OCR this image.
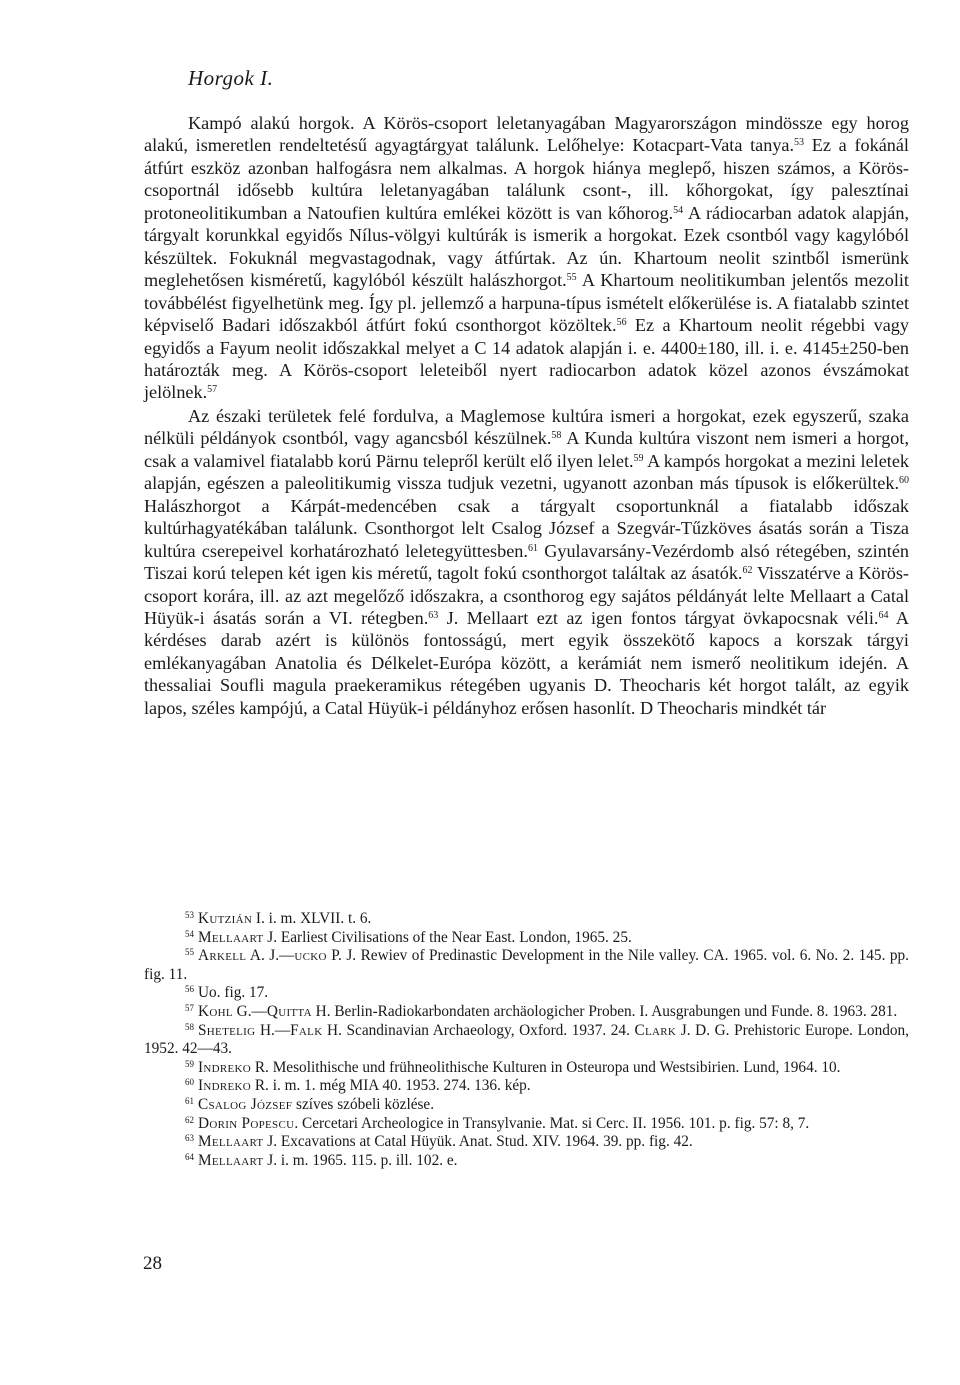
Horgok I.

Kampó alakú horgok. A Körös-csoport leletanyagában Magyarországon mindössze egy horog alakú, ismeretlen rendeltetésű agyagtárgyat találunk. Lelőhelye: Kotacpart-Vata tanya.$^{53}$ Ez a fokánál átfúrt eszköz azonban halfogásra nem alkalmas. A horgok hiánya meglepő, hiszen számos, a Körös-csoportnál idősebb kultúra leletanyagában találunk csont-, ill. kőhorgokat, így palesztínai protoneolitikumban a Natoufien kultúra emlékei között is van kőhorog.$^{54}$ A rádiocarban adatok alapján, tárgyalt korunkkal egyidős Nílus-völgyi kultúrák is ismerik a horgokat. Ezek csontból vagy kagylóból készültek. Fokuknál megvastagodnak, vagy átfúrtak. Az ún. Khartoum neolit szintből ismerünk meglehetősen kisméretű, kagylóból készült halászhorgot.$^{55}$ A Khartoum neolitikumban jelentős mezolit továbbélést figyelhetünk meg. Így pl. jellemző a harpuna-típus ismételt előkerülése is. A fiatalabb szintet képviselő Badari időszakból átfúrt fokú csonthorgot közöltek.$^{56}$ Ez a Khartoum neolit régebbi vagy egyidős a Fayum neolit időszakkal melyet a C 14 adatok alapján i. e. 4400±180, ill. i. e. 4145±250-ben határozták meg. A Körös-csoport leleteiből nyert radiocarbon adatok közel azonos évszámokat jelölnek.$^{57}$

Az északi területek felé fordulva, a Maglemose kultúra ismeri a horgokat, ezek egyszerű, szaka nélküli példányok csontból, vagy agancsból készülnek.$^{58}$ A Kunda kultúra viszont nem ismeri a horgot, csak a valamivel fiatalabb korú Pärnu telepről került elő ilyen lelet.$^{59}$ A kampós horgokat a mezini leletek alapján, egészen a paleolitikumig vissza tudjuk vezetni, ugyanott azonban más típusok is előkerültek.$^{60}$ Halászhorgot a Kárpát-medencében csak a tárgyalt csoportunknál a fiatalabb időszak kultúrhagyatékában találunk. Csonthorgot lelt Csalog József a Szegvár-Tűzköves ásatás során a Tisza kultúra cserepeivel korhatározható leletegyüttesben.$^{61}$ Gyulavarsány-Vezérdomb alsó rétegében, szintén Tiszai korú telepen két igen kis méretű, tagolt fokú csonthorgot találtak az ásatók.$^{62}$ Visszatérve a Körös-csoport korára, ill. az azt megelőző időszakra, a csonthorog egy sajátos példányát lelte Mellaart a Catal Hüyük-i ásatás során a VI. rétegben.$^{63}$ J. Mellaart ezt az igen fontos tárgyat övkapocsnak véli.$^{64}$ A kérdéses darab azért is különös fontosságú, mert egyik összekötő kapocs a korszak tárgyi emlékanyagában Anatolia és Délkelet-Európa között, a kerámiát nem ismerő neolitikum idején. A thessaliai Soufli magula praekeramikus rétegében ugyanis D. Theocharis két horgot talált, az egyik lapos, széles kampójú, a Catal Hüyük-i példányhoz erősen hasonlít. D Theocharis mindkét tár

$^{53}$ Kutzián I. i. m. XLVII. t. 6.
$^{54}$ Mellaart J. Earliest Civilisations of the Near East. London, 1965. 25.
$^{55}$ Arkell A. J.—ucko P. J. Rewiev of Predinastic Development in the Nile valley. CA. 1965. vol. 6. No. 2. 145. pp. fig. 11.
$^{56}$ Uo. fig. 17.
$^{57}$ Kohl G.—Quitta H. Berlin-Radiokarbondaten archäologicher Proben. I. Ausgrabungen und Funde. 8. 1963. 281.
$^{58}$ Shetelig H.—Falk H. Scandinavian Archaeology, Oxford. 1937. 24. Clark J. D. G. Prehistoric Europe. London, 1952. 42—43.
$^{59}$ Indreko R. Mesolithische und frühneolithische Kulturen in Osteuropa und Westsibirien. Lund, 1964. 10.
$^{60}$ Indreko R. i. m. 1. még MIA 40. 1953. 274. 136. kép.
$^{61}$ Csalog József szíves szóbeli közlése.
$^{62}$ Dorin Popescu. Cercetari Archeologice in Transylvanie. Mat. si Cerc. II. 1956. 101. p. fig. 57: 8, 7.
$^{63}$ Mellaart J. Excavations at Catal Hüyük. Anat. Stud. XIV. 1964. 39. pp. fig. 42.
$^{64}$ Mellaart J. i. m. 1965. 115. p. ill. 102. e.
28
